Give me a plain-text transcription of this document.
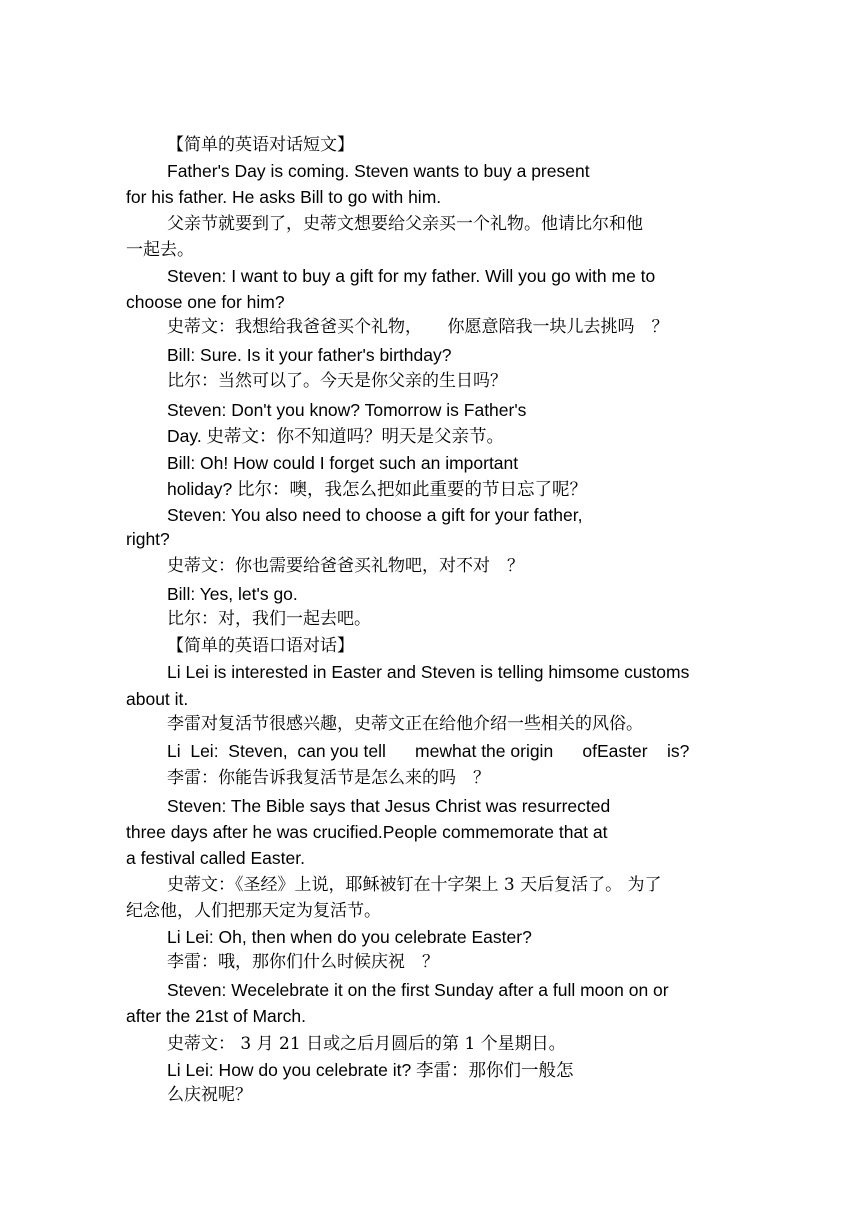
【简单的英语对话短文】
Father's Day is coming. Steven wants to buy a present
for his father. He asks Bill to go with him.
父亲节就要到了，史蒂文想要给父亲买一个礼物。他请比尔和他
一起去。
Steven: I want to buy a gift for my father. Will you go with me to
choose one for him?
史蒂文：我想给我爸爸买个礼物，　　你愿意陪我一块儿去挑吗　？
Bill: Sure. Is it your father's birthday?
比尔：当然可以了。今天是你父亲的生日吗？
Steven: Don't you know? Tomorrow is Father's
Day. 史蒂文：你不知道吗？明天是父亲节。
Bill: Oh! How could I forget such an important
holiday? 比尔：噢，我怎么把如此重要的节日忘了呢？
Steven: You also need to choose a gift for your father,
right?
史蒂文：你也需要给爸爸买礼物吧，对不对　？
Bill: Yes, let's go.
比尔：对，我们一起去吧。
【简单的英语口语对话】
Li Lei is interested in Easter and Steven is telling himsome customs
about it.
李雷对复活节很感兴趣，史蒂文正在给他介绍一些相关的风俗。
Li  Lei:  Steven,  can you tell      mewhat the origin      ofEaster    is?
李雷：你能告诉我复活节是怎么来的吗　？
Steven: The Bible says that Jesus Christ was resurrected
three days after he was crucified.People commemorate that at
a festival called Easter.
史蒂文：《圣经》上说，耶稣被钉在十字架上 3 天后复活了。 为了
纪念他，人们把那天定为复活节。
Li Lei: Oh, then when do you celebrate Easter?
李雷：哦，那你们什么时候庆祝　？
Steven: Wecelebrate it on the first Sunday after a full moon on or
after the 21st of March.
史蒂文： 3 月 21 日或之后月圆后的第 1 个星期日。
Li Lei: How do you celebrate it? 李雷：那你们一般怎
么庆祝呢？
